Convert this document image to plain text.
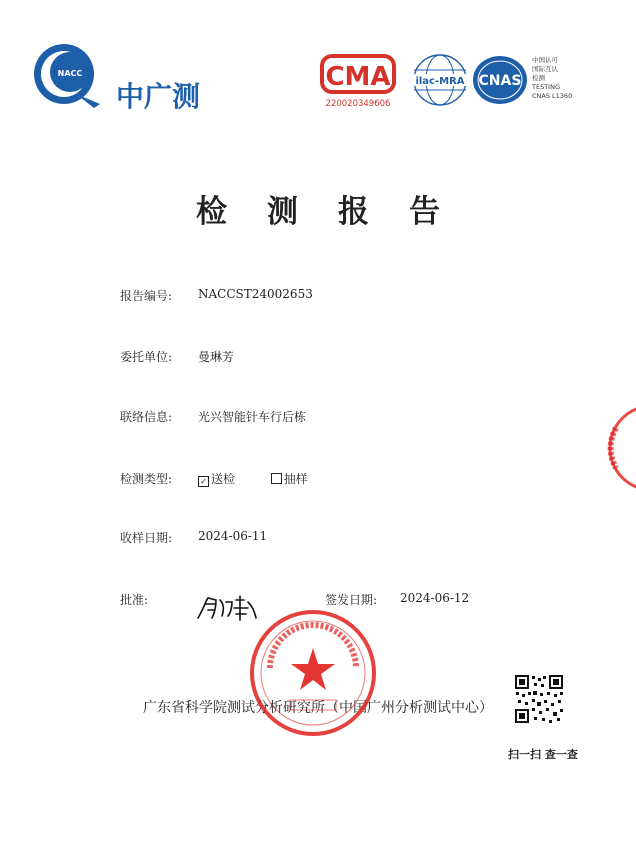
NACC
中广测
CMA
220020349606
ilac-MRA CNAS
中国认可
国际互认
检测
TESTING
CNAS L1360
检测报告
报告编号: NACCST24002653
委托单位: 曼琳芳
联络信息: 光兴智能针车行后栋
检测类型:	✓ 送检	抽样
收样日期: 2024-06-11
批准:	签发日期: 2024-06-12
广东省科学院测试分析研究所（中国广州分析测试中心）
扫一扫 查一查
